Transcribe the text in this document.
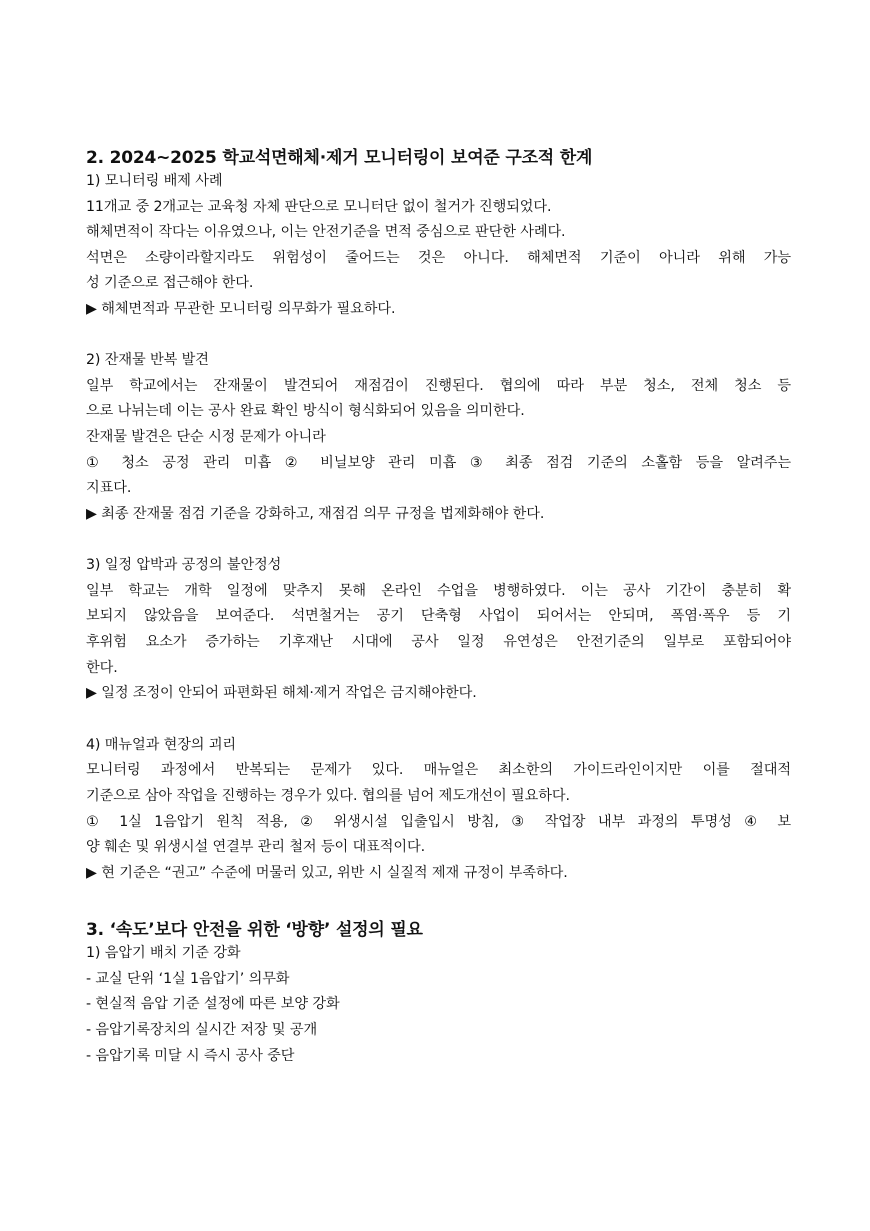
2. 2024~2025 학교석면해체·제거 모니터링이 보여준 구조적 한계
1) 모니터링 배제 사례
11개교 중 2개교는 교육청 자체 판단으로 모니터단 없이 철거가 진행되었다.
해체면적이 작다는 이유였으나, 이는 안전기준을 면적 중심으로 판단한 사례다.
석면은 소량이라할지라도 위험성이 줄어드는 것은 아니다. 해체면적 기준이 아니라 위해 가능
성 기준으로 접근해야 한다.
▶ 해체면적과 무관한 모니터링 의무화가 필요하다.
2) 잔재물 반복 발견
일부 학교에서는 잔재물이 발견되어 재점검이 진행된다. 협의에 따라 부분 청소, 전체 청소 등
으로 나뉘는데 이는 공사 완료 확인 방식이 형식화되어 있음을 의미한다.
잔재물 발견은 단순 시정 문제가 아니라
① 청소 공정 관리 미흡 ② 비닐보양 관리 미흡 ③ 최종 점검 기준의 소홀함 등을 알려주는
지표다.
▶ 최종 잔재물 점검 기준을 강화하고, 재점검 의무 규정을 법제화해야 한다.
3) 일정 압박과 공정의 불안정성
일부 학교는 개학 일정에 맞추지 못해 온라인 수업을 병행하였다. 이는 공사 기간이 충분히 확
보되지 않았음을 보여준다. 석면철거는 공기 단축형 사업이 되어서는 안되며, 폭염·폭우 등 기
후위험 요소가 증가하는 기후재난 시대에 공사 일정 유연성은 안전기준의 일부로 포함되어야
한다.
▶ 일정 조정이 안되어 파편화된 해체·제거 작업은 금지해야한다.
4) 매뉴얼과 현장의 괴리
모니터링 과정에서 반복되는 문제가 있다. 매뉴얼은 최소한의 가이드라인이지만 이를 절대적
기준으로 삼아 작업을 진행하는 경우가 있다. 협의를 넘어 제도개선이 필요하다.
① 1실 1음압기 원칙 적용, ② 위생시설 입출입시 방침, ③ 작업장 내부 과정의 투명성 ④ 보
양 훼손 및 위생시설 연결부 관리 철저 등이 대표적이다.
▶ 현 기준은 “권고” 수준에 머물러 있고, 위반 시 실질적 제재 규정이 부족하다.
3. ‘속도’보다 안전을 위한 ‘방향’ 설정의 필요
1) 음압기 배치 기준 강화
- 교실 단위 ‘1실 1음압기’ 의무화
- 현실적 음압 기준 설정에 따른 보양 강화
- 음압기록장치의 실시간 저장 및 공개
- 음압기록 미달 시 즉시 공사 중단
